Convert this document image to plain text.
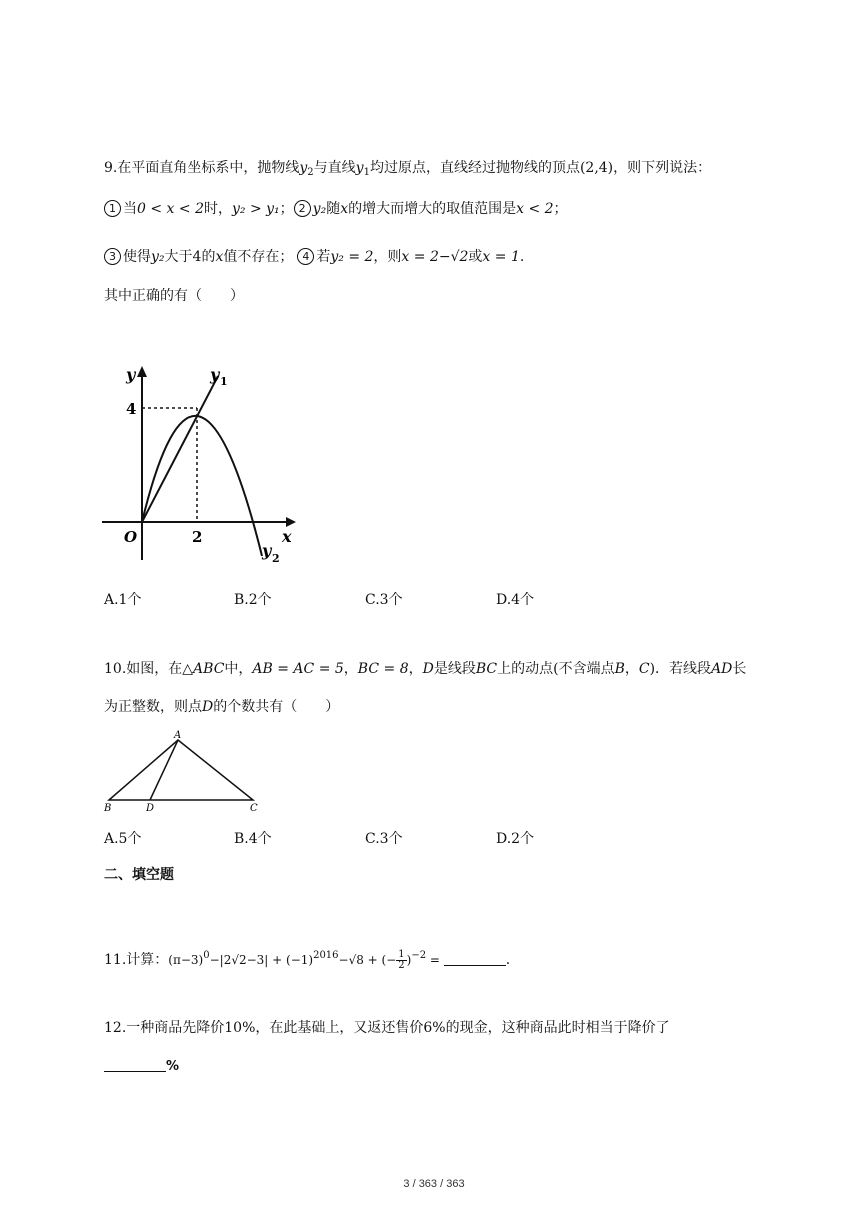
9.在平面直角坐标系中，抛物线$y_2$与直线$y_1$均过原点，直线经过抛物线的顶点(2,4)，则下列说法：
1 当0 < x < 2时，y₂ > y₁； 2 y₂随x的增大而增大的取值范围是x < 2；
3 使得y₂大于4的x值不存在； 4 若y₂ = 2，则x = 2−√2或x = 1.
其中正确的有（　　）
y
x
O
4
2
y 1
y 2
A.1个	B.2个	C.3个	D.4个
10.如图，在△ABC中，AB = AC = 5，BC = 8，D是线段BC上的动点(不含端点B，C)．若线段AD长
为正整数，则点D的个数共有（　　）
A
B	D	C
A.5个	B.4个	C.3个	D.2个
二、填空题
11.计算：$(\pi-3)^0-|2√2-3| + (-1)^{2016}-√8$ + (− $\frac{1}{2} )^{-2}$ =	.
12.一种商品先降价10%，在此基础上，又返还售价6%的现金，这种商品此时相当于降价了
%
3 / 363 / 363
